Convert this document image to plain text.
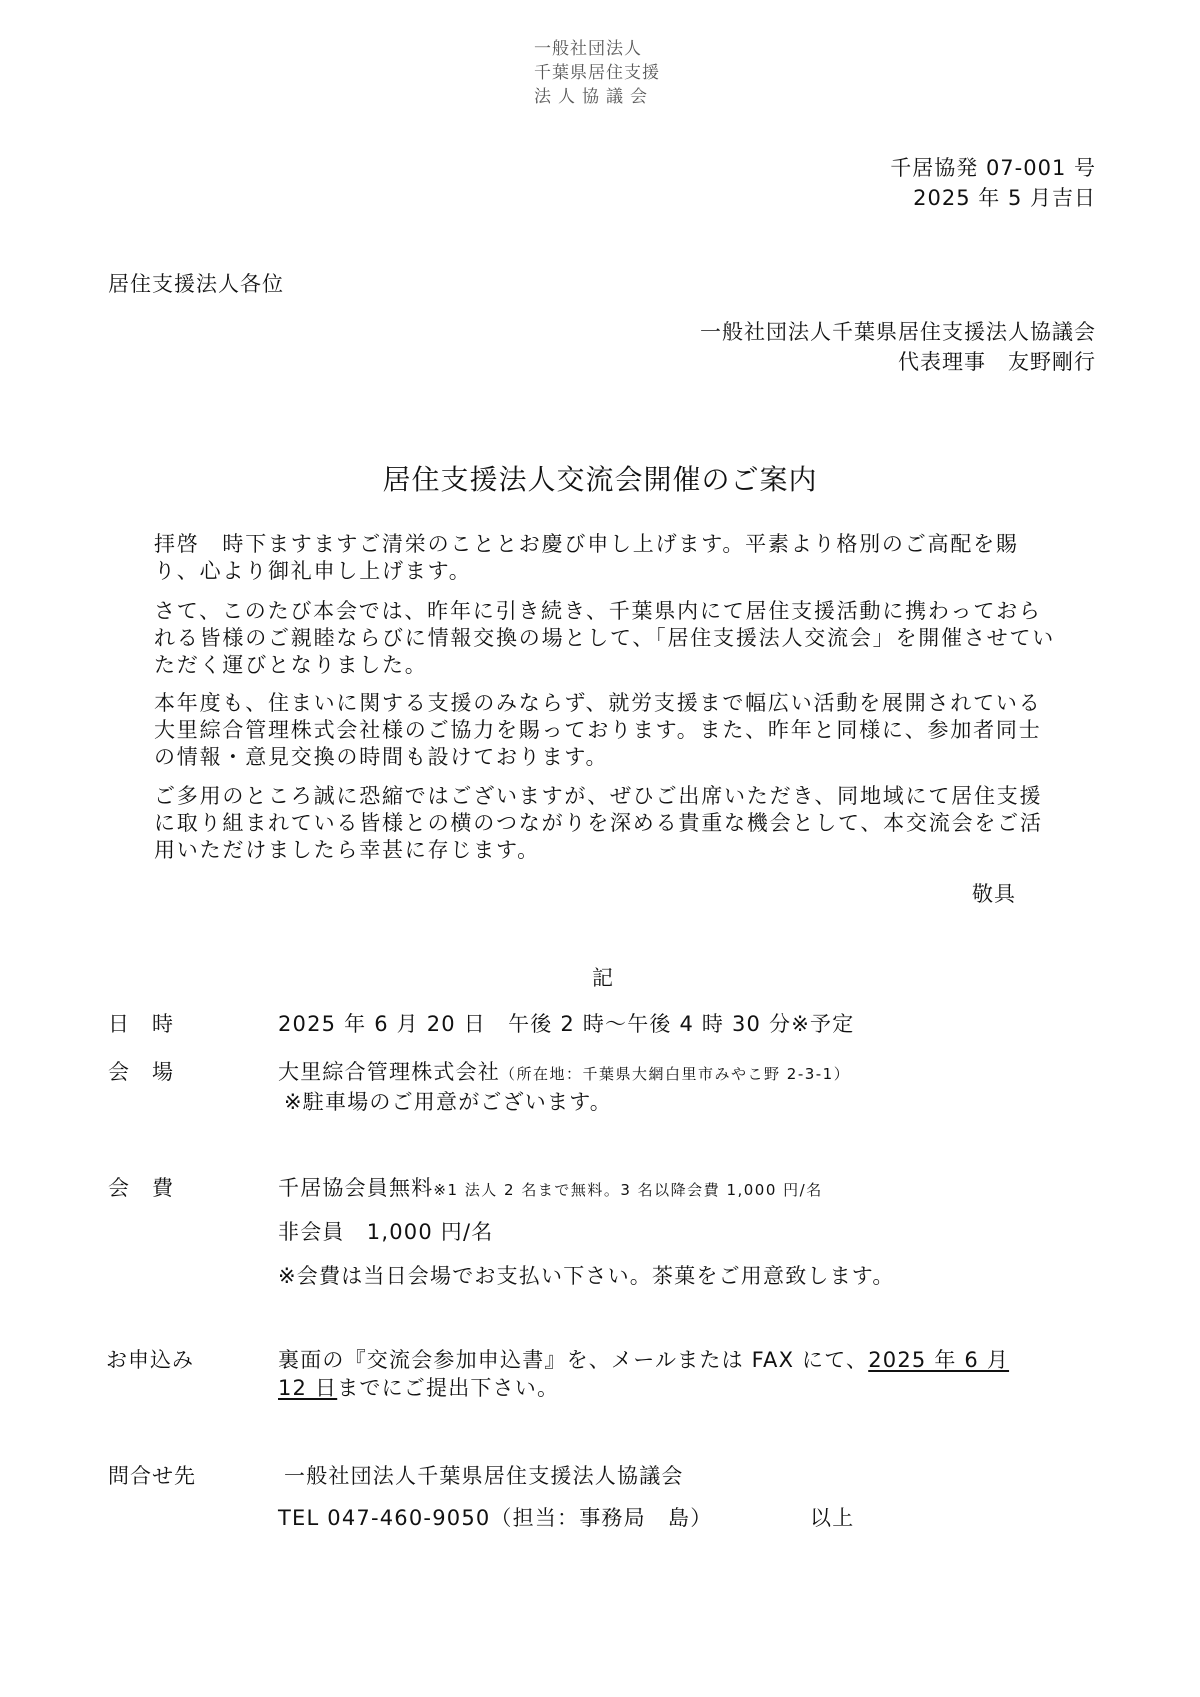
一般社団法人

千葉県居住支援

法人協議会

千居協発 07-001 号

2025 年 5 月吉日

居住支援法人各位

一般社団法人千葉県居住支援法人協議会

代表理事　友野剛行

居住支援法人交流会開催のご案内

拝啓　時下ますますご清栄のこととお慶び申し上げます。平素より格別のご高配を賜り、心より御礼申し上げます。

さて、このたび本会では、昨年に引き続き、千葉県内にて居住支援活動に携わっておられる皆様のご親睦ならびに情報交換の場として、「居住支援法人交流会」を開催させていただく運びとなりました。

本年度も、住まいに関する支援のみならず、就労支援まで幅広い活動を展開されている大里綜合管理株式会社様のご協力を賜っております。また、昨年と同様に、参加者同士の情報・意見交換の時間も設けております。

ご多用のところ誠に恐縮ではございますが、ぜひご出席いただき、同地域にて居住支援に取り組まれている皆様との横のつながりを深める貴重な機会として、本交流会をご活用いただけましたら幸甚に存じます。

敬具

記

日　時	2025 年 6 月 20 日　午後 2 時～午後 4 時 30 分※予定

会　場	大里綜合管理株式会社（所在地：千葉県大網白里市みやこ野 2-3-1）

※駐車場のご用意がございます。

会　費	千居協会員無料※1 法人 2 名まで無料。3 名以降会費 1,000 円/名

非会員　1,000 円/名

※会費は当日会場でお支払い下さい。茶菓をご用意致します。

お申込み	裏面の『交流会参加申込書』を、メールまたは FAX にて、2025 年 6 月

12 日までにご提出下さい。

問合せ先	一般社団法人千葉県居住支援法人協議会

TEL 047-460-9050（担当：事務局　島）	以上
